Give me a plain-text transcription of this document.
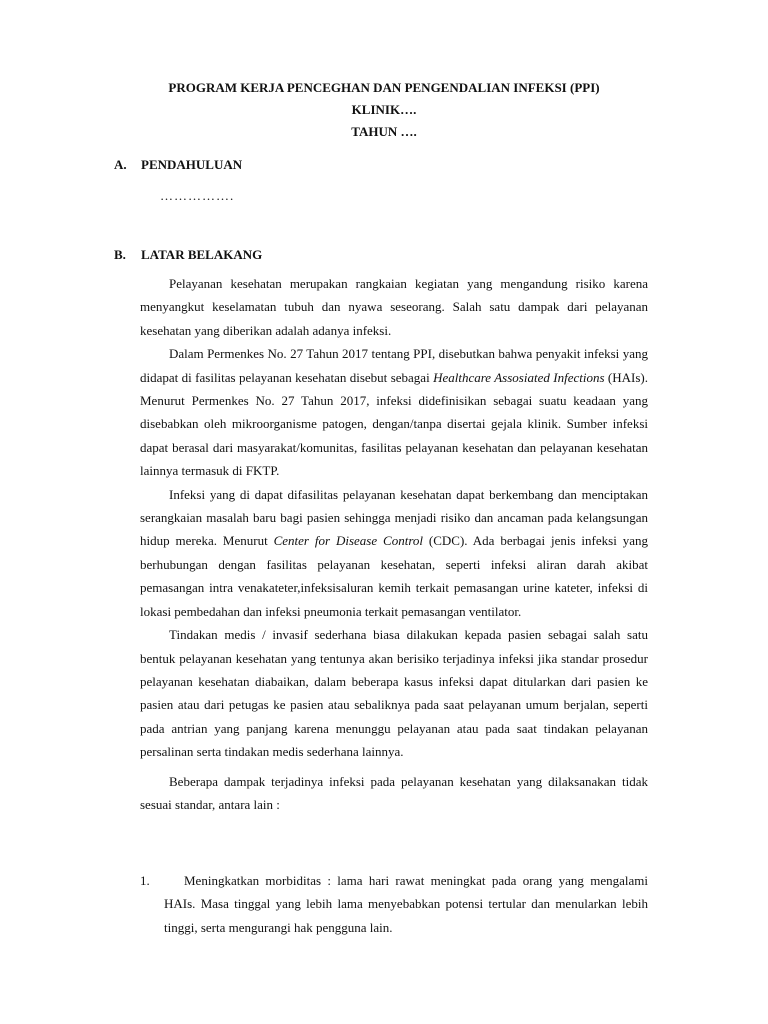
PROGRAM KERJA PENCEGHAN DAN PENGENDALIAN INFEKSI (PPI)
KLINIK….
TAHUN ….
A. PENDAHULUAN
…………….
B. LATAR BELAKANG

Pelayanan kesehatan merupakan rangkaian kegiatan yang mengandung risiko karena menyangkut keselamatan tubuh dan nyawa seseorang. Salah satu dampak dari pelayanan kesehatan yang diberikan adalah adanya infeksi.

Dalam Permenkes No. 27 Tahun 2017 tentang PPI, disebutkan bahwa penyakit infeksi yang didapat di fasilitas pelayanan kesehatan disebut sebagai Healthcare Assosiated Infections (HAIs). Menurut Permenkes No. 27 Tahun 2017, infeksi didefinisikan sebagai suatu keadaan yang disebabkan oleh mikroorganisme patogen, dengan/tanpa disertai gejala klinik. Sumber infeksi dapat berasal dari masyarakat/komunitas, fasilitas pelayanan kesehatan dan pelayanan kesehatan lainnya termasuk di FKTP.

Infeksi yang di dapat difasilitas pelayanan kesehatan dapat berkembang dan menciptakan serangkaian masalah baru bagi pasien sehingga menjadi risiko dan ancaman pada kelangsungan hidup mereka. Menurut Center for Disease Control (CDC). Ada berbagai jenis infeksi yang berhubungan dengan fasilitas pelayanan kesehatan, seperti infeksi aliran darah akibat pemasangan intra venakateter,infeksisaluran kemih terkait pemasangan urine kateter, infeksi di lokasi pembedahan dan infeksi pneumonia terkait pemasangan ventilator.

Tindakan medis / invasif sederhana biasa dilakukan kepada pasien sebagai salah satu bentuk pelayanan kesehatan yang tentunya akan berisiko terjadinya infeksi jika standar prosedur pelayanan kesehatan diabaikan, dalam beberapa kasus infeksi dapat ditularkan dari pasien ke pasien atau dari petugas ke pasien atau sebaliknya pada saat pelayanan umum berjalan, seperti pada antrian yang panjang karena menunggu pelayanan atau pada saat tindakan pelayanan persalinan serta tindakan medis sederhana lainnya.

Beberapa dampak terjadinya infeksi pada pelayanan kesehatan yang dilaksanakan tidak sesuai standar, antara lain :

1.	Meningkatkan morbiditas : lama hari rawat meningkat pada orang yang mengalami HAIs. Masa tinggal yang lebih lama menyebabkan potensi tertular dan menularkan lebih tinggi, serta mengurangi hak pengguna lain.
